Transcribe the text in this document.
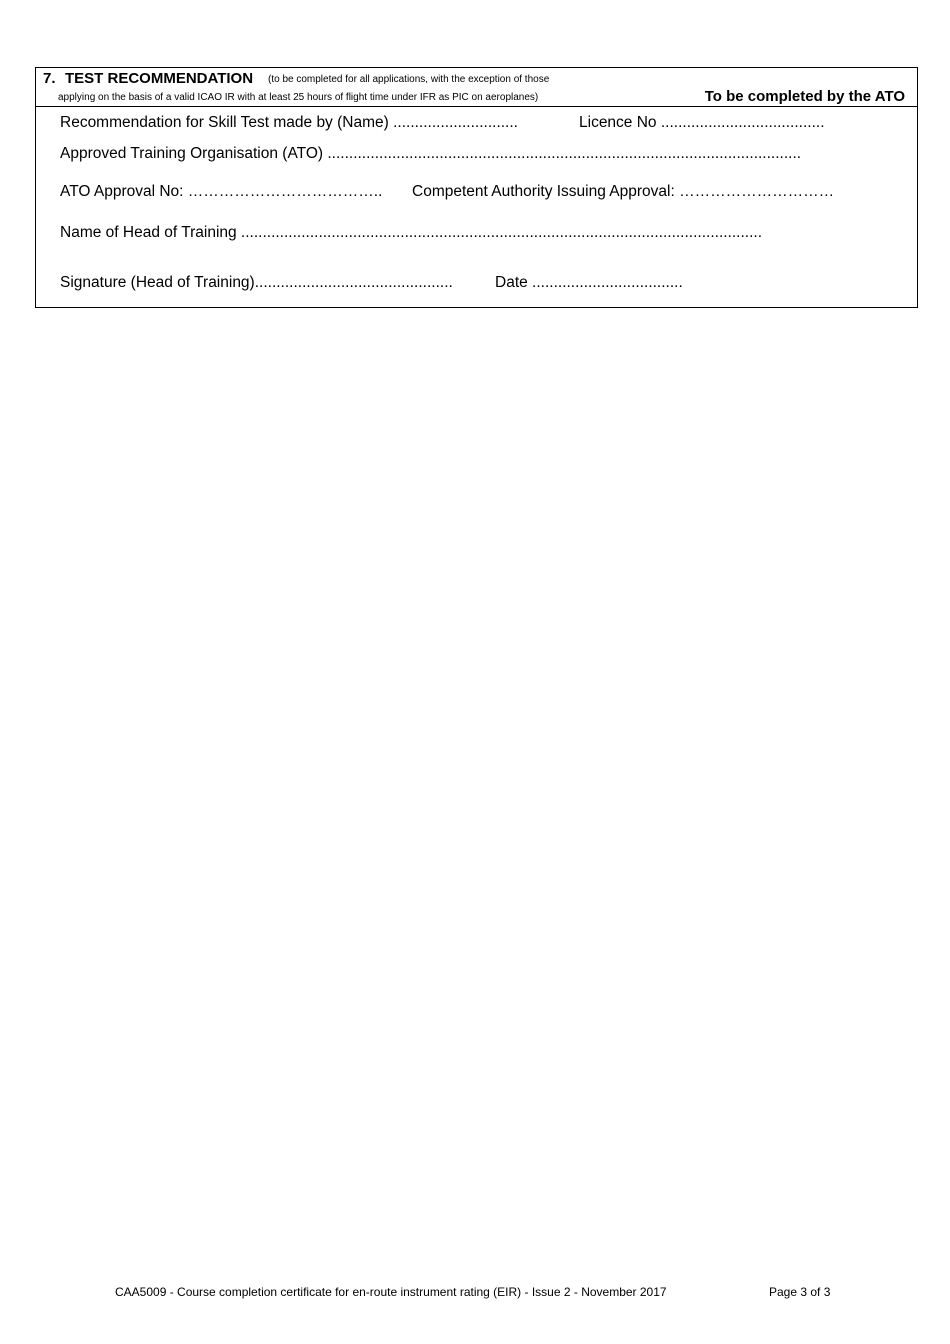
7. TEST RECOMMENDATION (to be completed for all applications, with the exception of those
applying on the basis of a valid ICAO IR with at least 25 hours of flight time under IFR as PIC on aeroplanes)	To be completed by the ATO
Recommendation for Skill Test made by (Name) .............................	Licence No ......................................
Approved Training Organisation (ATO) ..............................................................................................................
ATO Approval No: ……………………………….. Competent Authority Issuing Approval: …………………………
Name of Head of Training .........................................................................................................................
Signature (Head of Training)..............................................	Date ...................................
CAA5009 - Course completion certificate for en-route instrument rating (EIR) - Issue 2 - November 2017	Page 3 of 3
